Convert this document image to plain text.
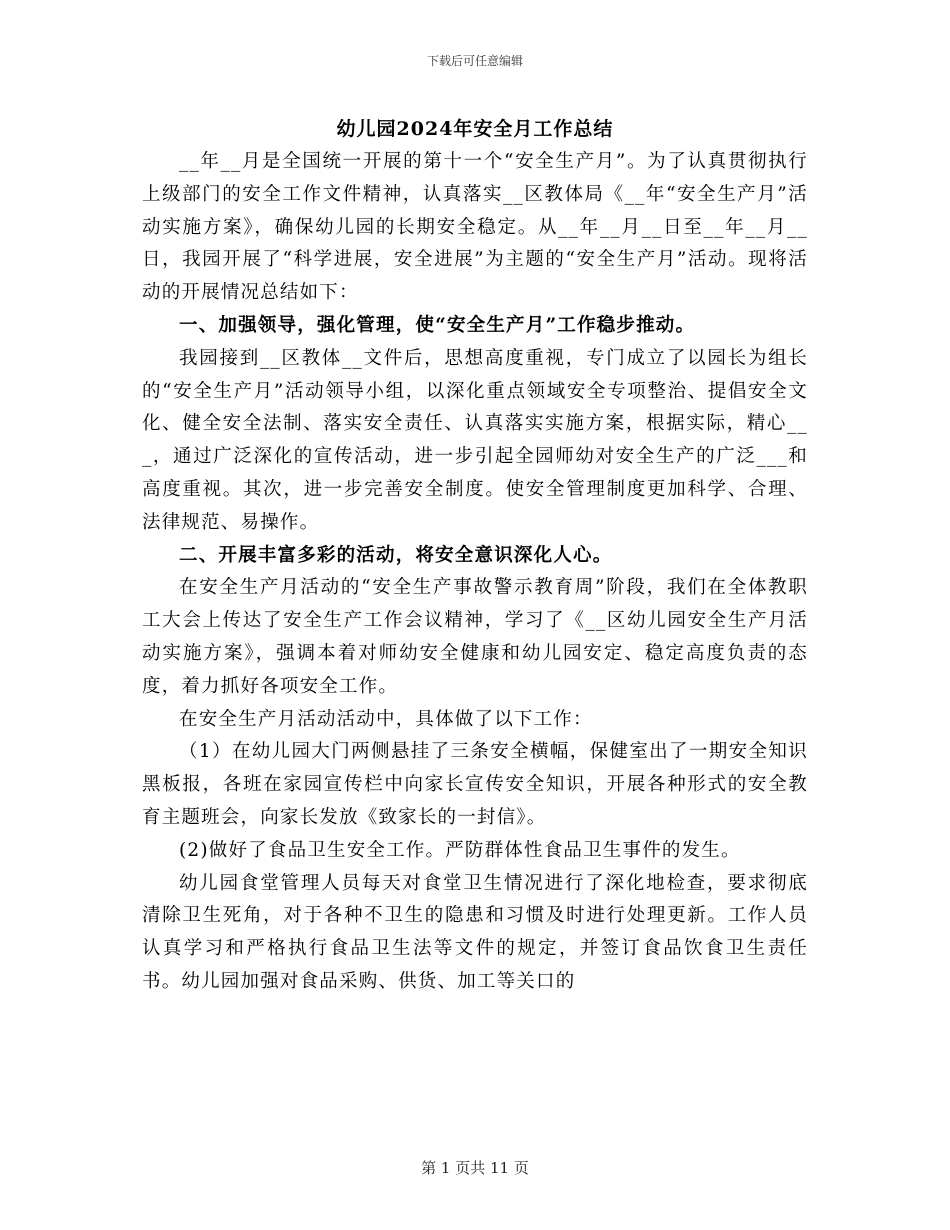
下载后可任意编辑
幼儿园2024年安全月工作总结

__年__月是全国统一开展的第十一个“安全生产月”。为了认真贯彻执行上级部门的安全工作文件精神，认真落实__区教体局《__年“安全生产月”活动实施方案》，确保幼儿园的长期安全稳定。从__年__月__日至__年__月__日，我园开展了“科学进展，安全进展”为主题的“安全生产月”活动。现将活动的开展情况总结如下：

一、加强领导，强化管理，使“安全生产月”工作稳步推动。

我园接到__区教体__文件后，思想高度重视，专门成立了以园长为组长的“安全生产月”活动领导小组，以深化重点领域安全专项整治、提倡安全文化、健全安全法制、落实安全责任、认真落实实施方案，根据实际，精心___，通过广泛深化的宣传活动，进一步引起全园师幼对安全生产的广泛___和高度重视。其次，进一步完善安全制度。使安全管理制度更加科学、合理、法律规范、易操作。

二、开展丰富多彩的活动，将安全意识深化人心。

在安全生产月活动的“安全生产事故警示教育周”阶段，我们在全体教职工大会上传达了安全生产工作会议精神，学习了《__区幼儿园安全生产月活动实施方案》，强调本着对师幼安全健康和幼儿园安定、稳定高度负责的态度，着力抓好各项安全工作。

在安全生产月活动活动中，具体做了以下工作：

（1）在幼儿园大门两侧悬挂了三条安全横幅，保健室出了一期安全知识黑板报，各班在家园宣传栏中向家长宣传安全知识，开展各种形式的安全教育主题班会，向家长发放《致家长的一封信》。

(2)做好了食品卫生安全工作。严防群体性食品卫生事件的发生。

幼儿园食堂管理人员每天对食堂卫生情况进行了深化地检查，要求彻底清除卫生死角，对于各种不卫生的隐患和习惯及时进行处理更新。工作人员认真学习和严格执行食品卫生法等文件的规定，并签订食品饮食卫生责任书。幼儿园加强对食品采购、供货、加工等关口的

第 1 页共 11 页
